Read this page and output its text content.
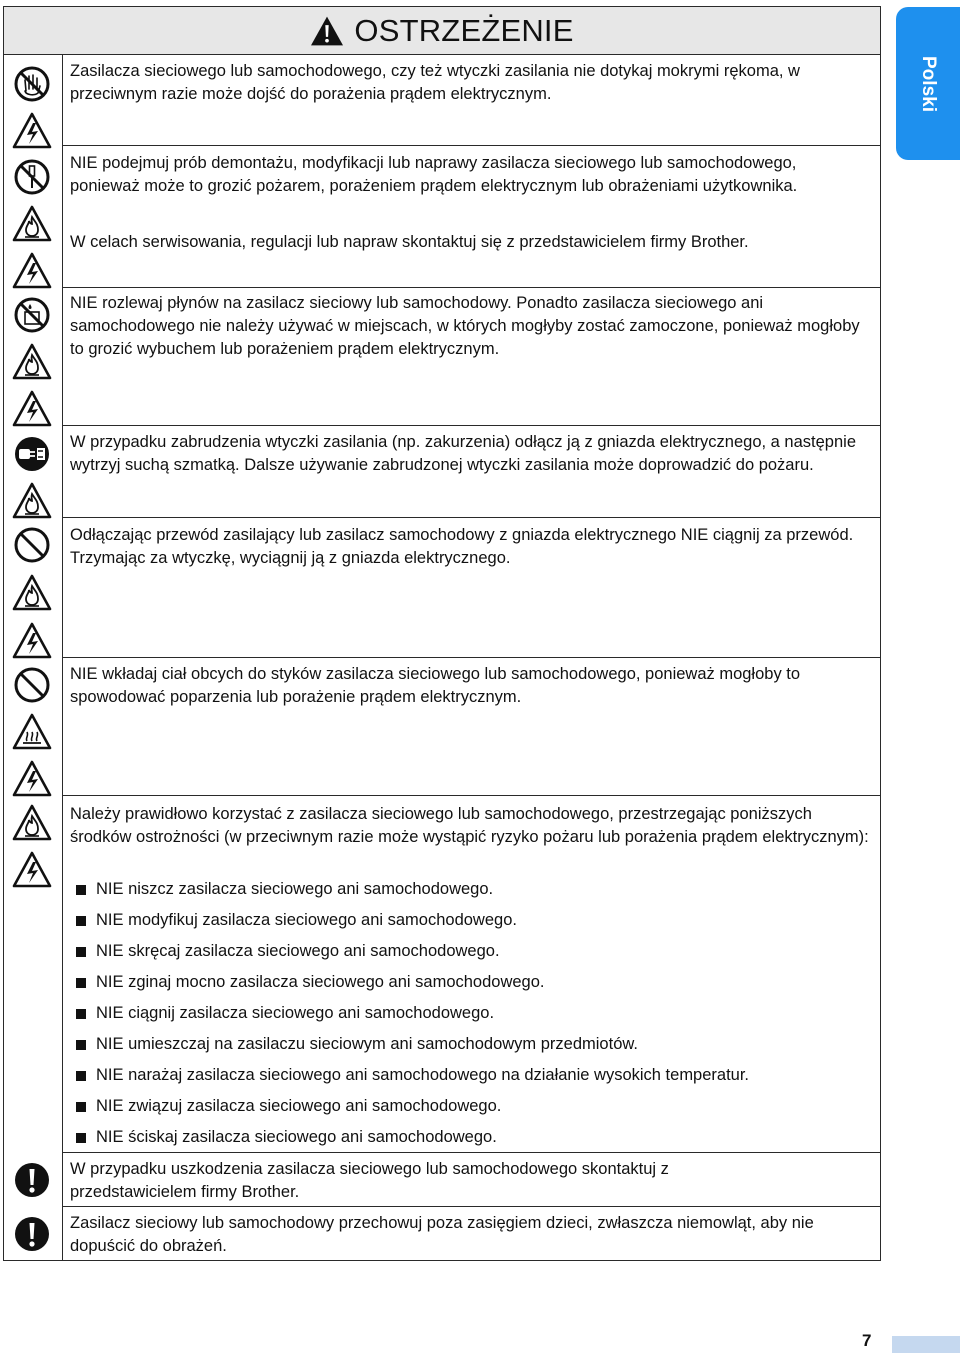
OSTRZEŻENIE

Zasilacza sieciowego lub samochodowego, czy też wtyczki zasilania nie dotykaj mokrymi rękoma, w przeciwnym razie może dojść do porażenia prądem elektrycznym.

NIE podejmuj prób demontażu, modyfikacji lub naprawy zasilacza sieciowego lub samochodowego, ponieważ może to grozić pożarem, porażeniem prądem elektrycznym lub obrażeniami użytkownika.

W celach serwisowania, regulacji lub napraw skontaktuj się z przedstawicielem firmy Brother.

NIE rozlewaj płynów na zasilacz sieciowy lub samochodowy. Ponadto zasilacza sieciowego ani samochodowego nie należy używać w miejscach, w których mogłyby zostać zamoczone, ponieważ mogłoby to grozić wybuchem lub porażeniem prądem elektrycznym.

W przypadku zabrudzenia wtyczki zasilania (np. zakurzenia) odłącz ją z gniazda elektrycznego, a następnie wytrzyj suchą szmatką. Dalsze używanie zabrudzonej wtyczki zasilania może doprowadzić do pożaru.

Odłączając przewód zasilający lub zasilacz samochodowy z gniazda elektrycznego NIE ciągnij za przewód. Trzymając za wtyczkę, wyciągnij ją z gniazda elektrycznego.

NIE wkładaj ciał obcych do styków zasilacza sieciowego lub samochodowego, ponieważ mogłoby to spowodować poparzenia lub porażenie prądem elektrycznym.

Należy prawidłowo korzystać z zasilacza sieciowego lub samochodowego, przestrzegając poniższych środków ostrożności (w przeciwnym razie może wystąpić ryzyko pożaru lub porażenia prądem elektrycznym):

NIE niszcz zasilacza sieciowego ani samochodowego.
NIE modyfikuj zasilacza sieciowego ani samochodowego.
NIE skręcaj zasilacza sieciowego ani samochodowego.
NIE zginaj mocno zasilacza sieciowego ani samochodowego.
NIE ciągnij zasilacza sieciowego ani samochodowego.
NIE umieszczaj na zasilaczu sieciowym ani samochodowym przedmiotów.
NIE narażaj zasilacza sieciowego ani samochodowego na działanie wysokich temperatur.
NIE związuj zasilacza sieciowego ani samochodowego.
NIE ściskaj zasilacza sieciowego ani samochodowego.

W przypadku uszkodzenia zasilacza sieciowego lub samochodowego skontaktuj z przedstawicielem firmy Brother.

Zasilacz sieciowy lub samochodowy przechowuj poza zasięgiem dzieci, zwłaszcza niemowląt, aby nie dopuścić do obrażeń.

Polski
7
